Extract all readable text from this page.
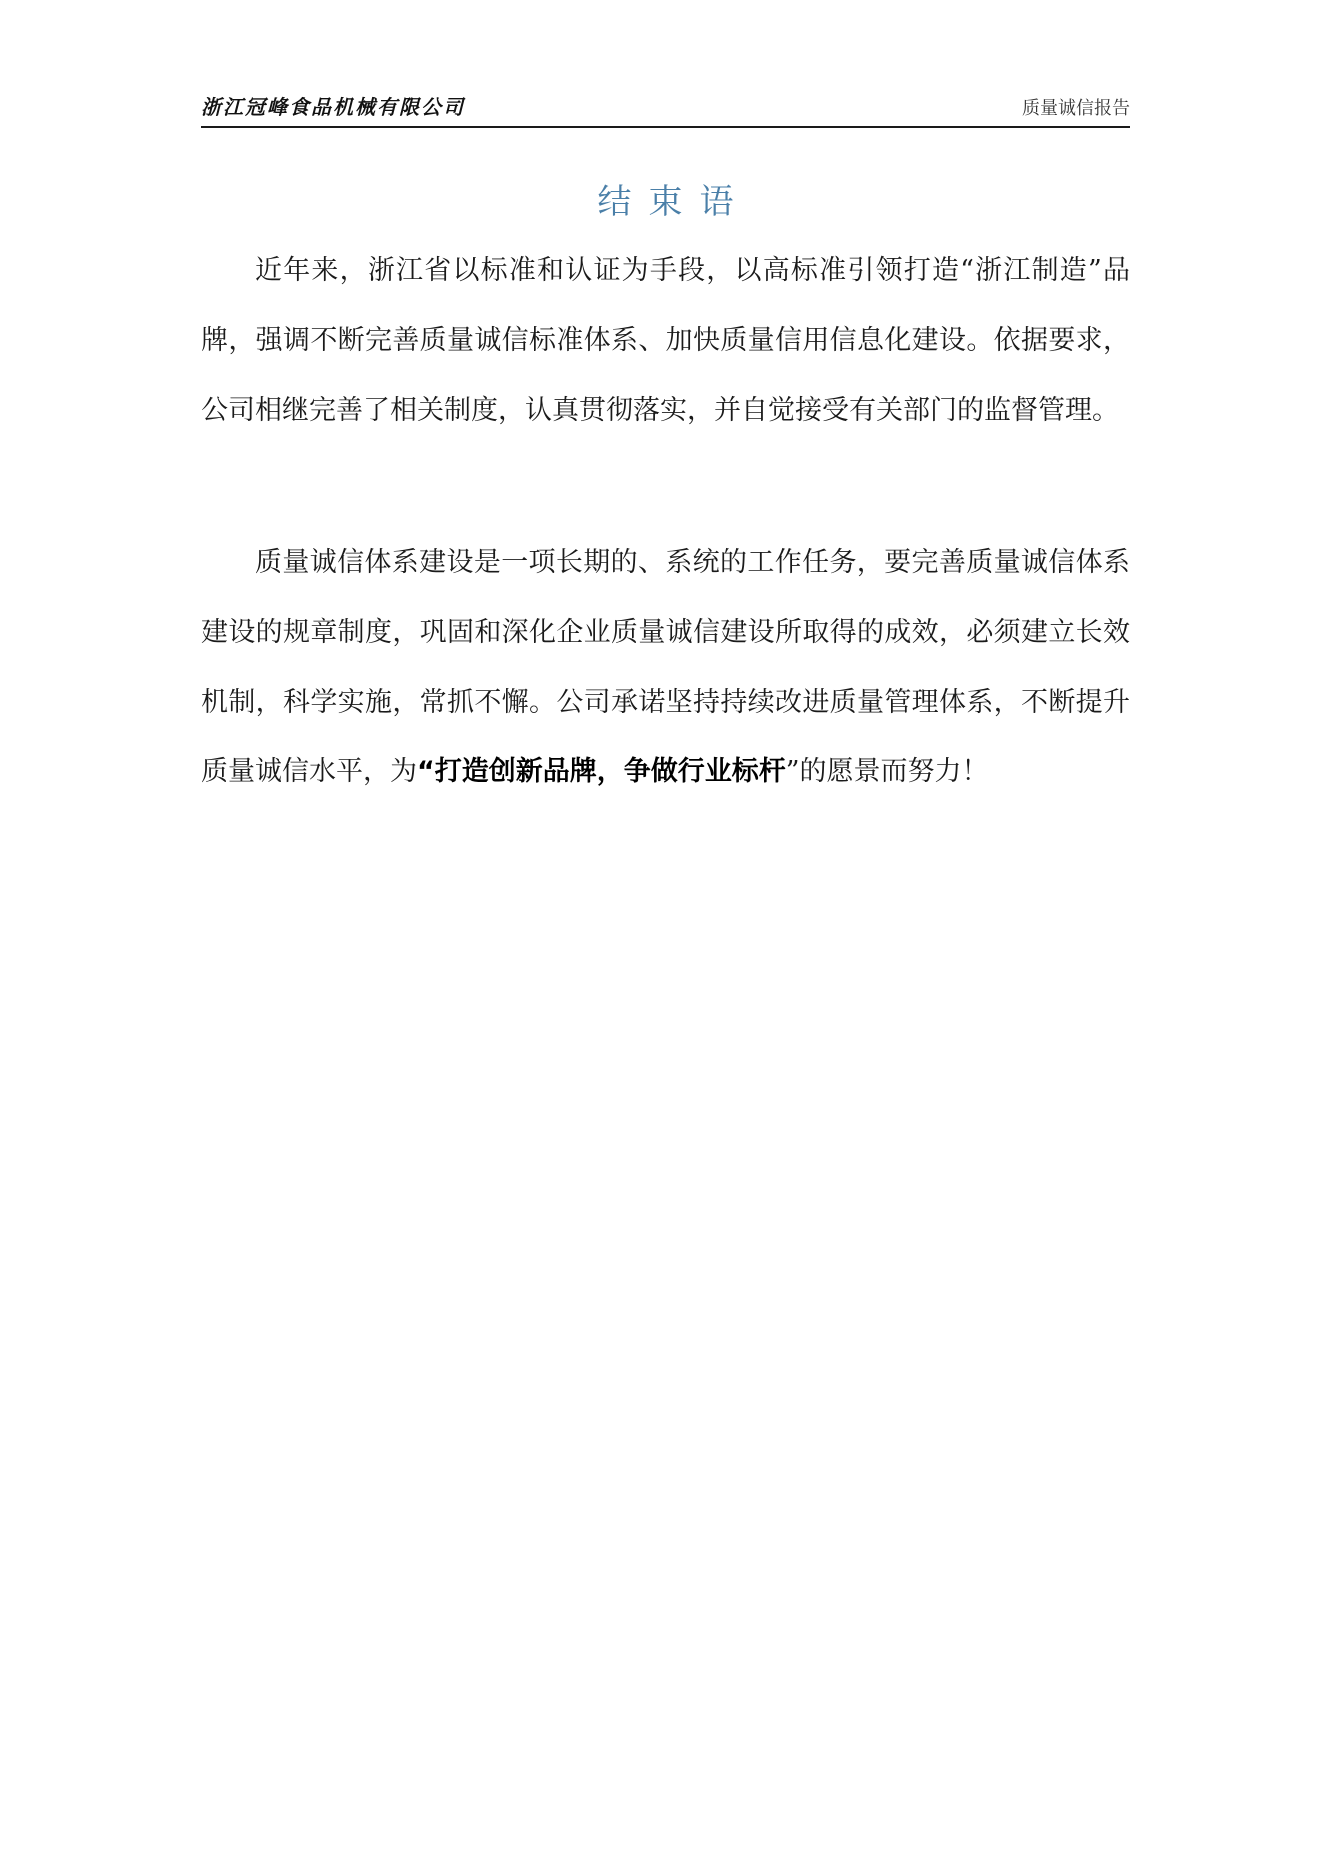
浙江冠峰食品机械有限公司	质量诚信报告
结束语

近年来，浙江省以标准和认证为手段，以高标准引领打造“浙江制造”品牌，强调不断完善质量诚信标准体系、加快质量信用信息化建设。依据要求，公司相继完善了相关制度，认真贯彻落实，并自觉接受有关部门的监督管理。

质量诚信体系建设是一项长期的、系统的工作任务，要完善质量诚信体系建设的规章制度，巩固和深化企业质量诚信建设所取得的成效，必须建立长效机制，科学实施，常抓不懈。公司承诺坚持持续改进质量管理体系，不断提升质量诚信水平，为“打造创新品牌，争做行业标杆”的愿景而努力！
